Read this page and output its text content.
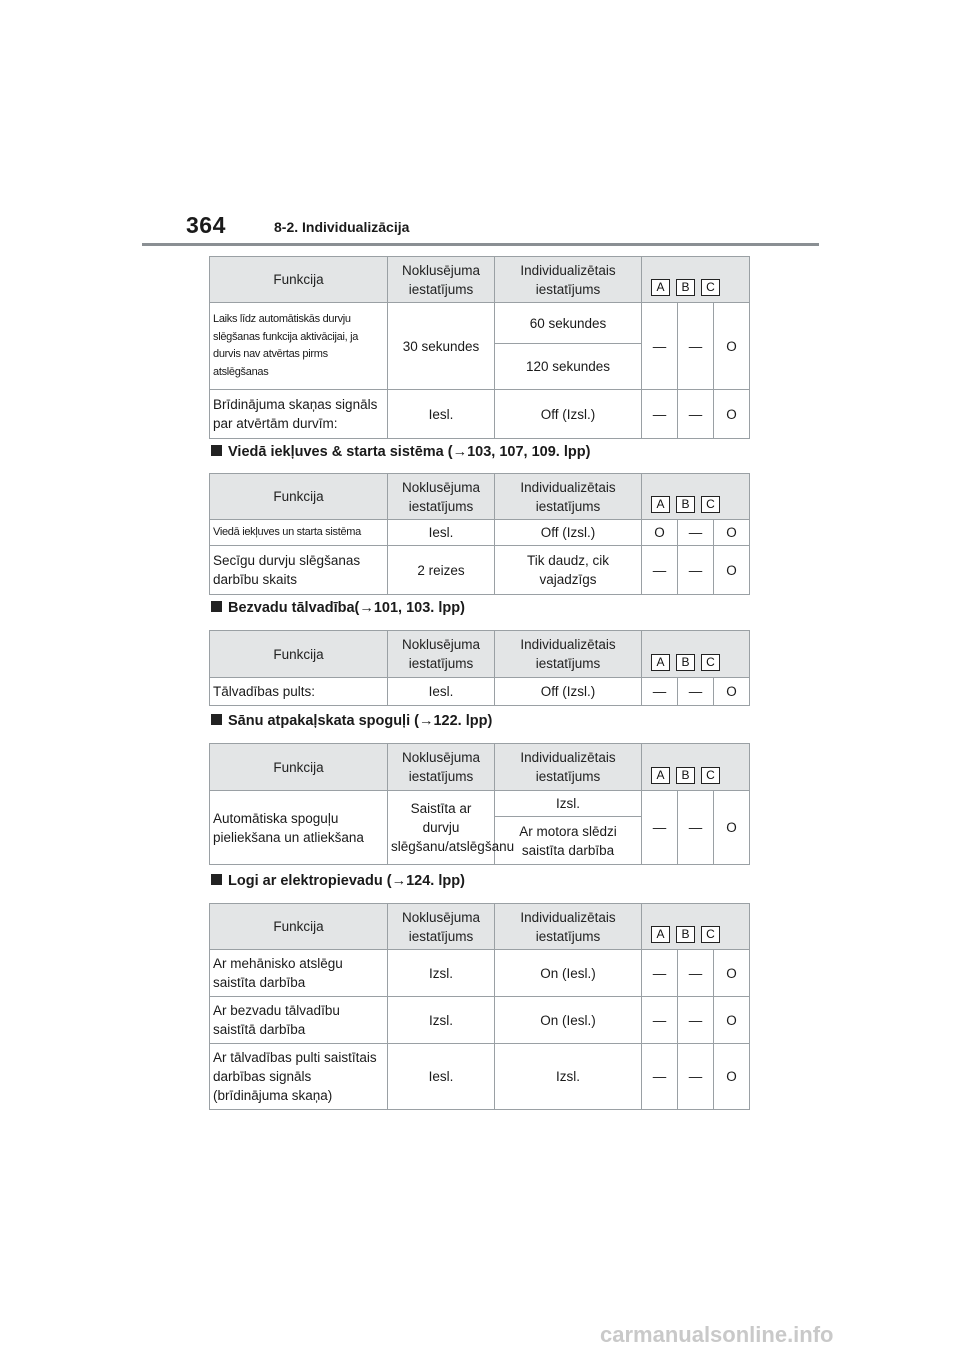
364	8-2. Individualizācija
Funkcija	Noklusējuma iestatījums	Individualizētais iestatījums	A B C		
Laiks līdz automātiskās durvju slēgšanas funkcija aktivācijai, ja durvis nav atvērtas pirms atslēgšanas	30 sekundes	60 sekundes	—	—	O
		120 sekundes			
Brīdinājuma skaņas signāls par atvērtām durvīm:	Iesl.	Off (Izsl.)	—	—	O
Viedā iekļuves & starta sistēma (→103, 107, 109. lpp)
Funkcija	Noklusējuma iestatījums	Individualizētais iestatījums	A B C		
Viedā iekļuves un starta sistēma	Iesl.	Off (Izsl.)	O	—	O
Secīgu durvju slēgšanas darbību skaits	2 reizes	Tik daudz, cik vajadzīgs	—	—	O
Bezvadu tālvadība(→101, 103. lpp)
Funkcija	Noklusējuma iestatījums	Individualizētais iestatījums	A B C		
Tālvadības pults:	Iesl.	Off (Izsl.)	—	—	O
Sānu atpakaļskata spoguļi (→122. lpp)
Funkcija	Noklusējuma iestatījums	Individualizētais iestatījums	A B C		
Automātiska spoguļu pieliekšana un atliekšana	Saistīta ar durvju slēgšanu/atslēgšanu	Izsl.	—	—	O
		Ar motora slēdzi saistīta darbība			
Logi ar elektropievadu (→124. lpp)
Funkcija	Noklusējuma iestatījums	Individualizētais iestatījums	A B C		
Ar mehānisko atslēgu saistīta darbība	Izsl.	On (Iesl.)	—	—	O
Ar bezvadu tālvadību saistītā darbība	Izsl.	On (Iesl.)	—	—	O
Ar tālvadības pulti saistītais darbības signāls (brīdinājuma skaņa)	Iesl.	Izsl.	—	—	O
carmanualsonline.info
